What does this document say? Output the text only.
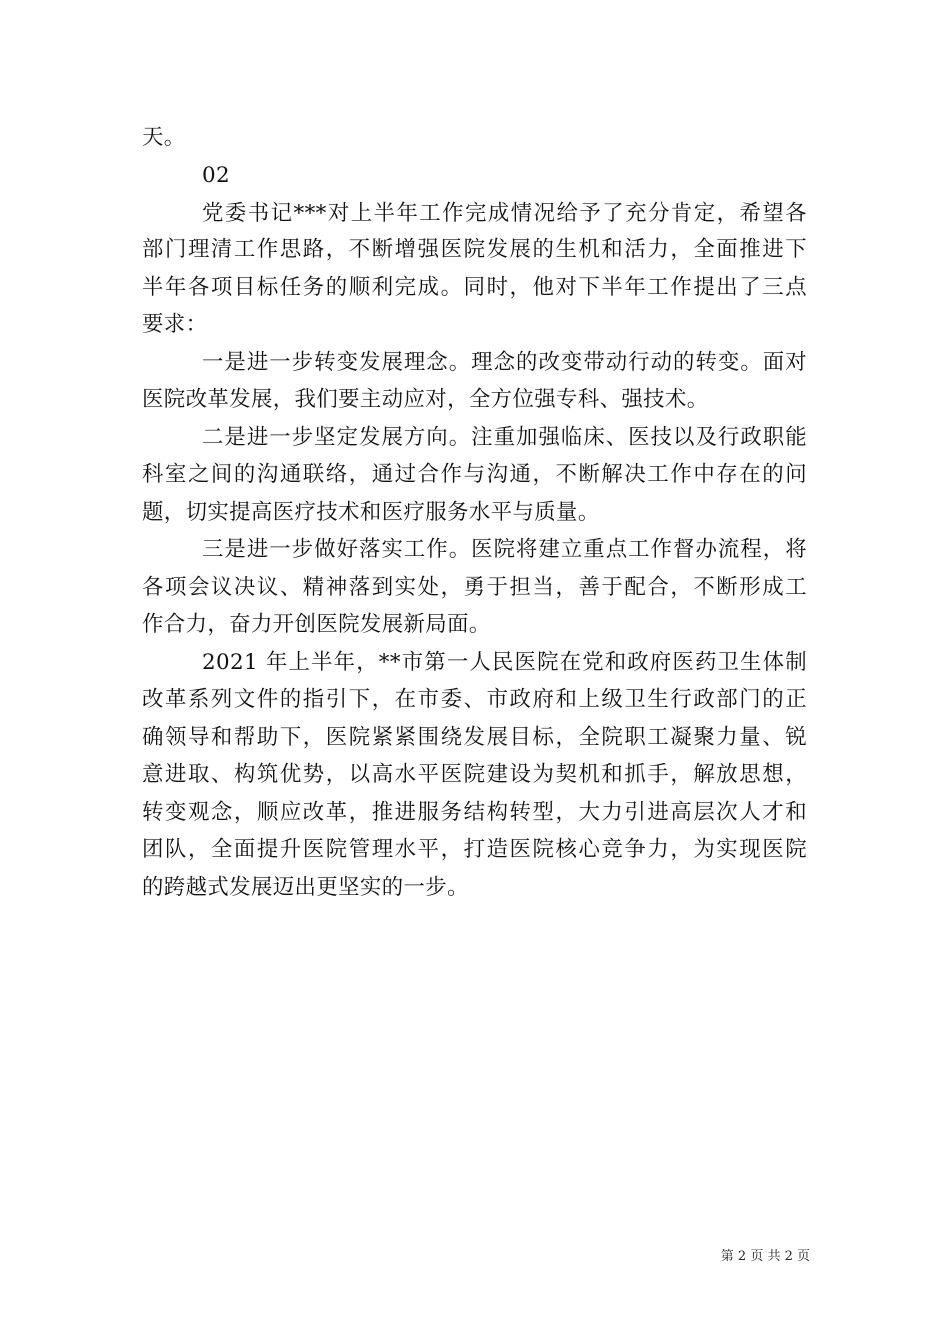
天。
02
党委书记***对上半年工作完成情况给予了充分肯定，希望各
部门理清工作思路，不断增强医院发展的生机和活力，全面推进下
半年各项目标任务的顺利完成。同时，他对下半年工作提出了三点
要求：
一是进一步转变发展理念。理念的改变带动行动的转变。面对
医院改革发展，我们要主动应对，全方位强专科、强技术。
二是进一步坚定发展方向。注重加强临床、医技以及行政职能
科室之间的沟通联络，通过合作与沟通，不断解决工作中存在的问
题，切实提高医疗技术和医疗服务水平与质量。
三是进一步做好落实工作。医院将建立重点工作督办流程，将
各项会议决议、精神落到实处，勇于担当，善于配合，不断形成工
作合力，奋力开创医院发展新局面。
2021 年上半年，**市第一人民医院在党和政府医药卫生体制
改革系列文件的指引下，在市委、市政府和上级卫生行政部门的正
确领导和帮助下，医院紧紧围绕发展目标，全院职工凝聚力量、锐
意进取、构筑优势，以高水平医院建设为契机和抓手，解放思想，
转变观念，顺应改革，推进服务结构转型，大力引进高层次人才和
团队，全面提升医院管理水平，打造医院核心竞争力，为实现医院
的跨越式发展迈出更坚实的一步。
第 2 页 共 2 页
